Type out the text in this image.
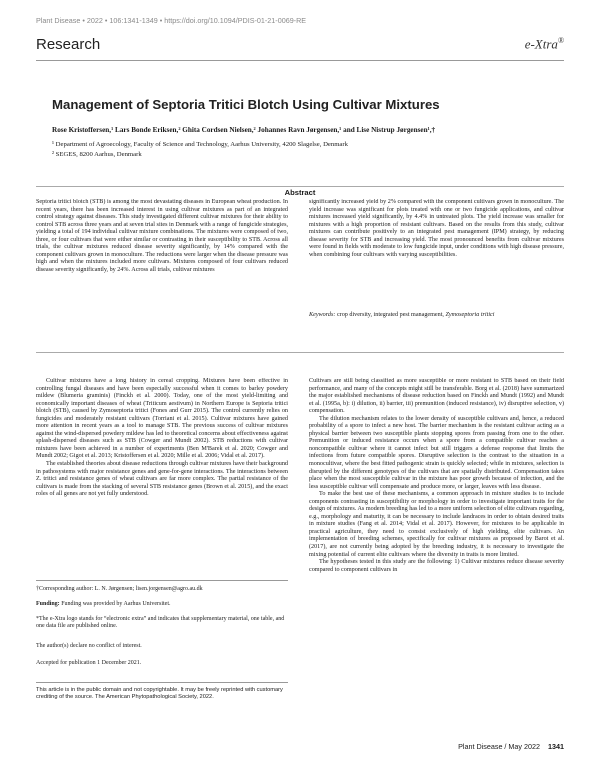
Plant Disease • 2022 • 106:1341-1349 • https://doi.org/10.1094/PDIS-01-21-0069-RE
Research	e-Xtra®
Management of Septoria Tritici Blotch Using Cultivar Mixtures
Rose Kristoffersen,¹ Lars Bonde Eriksen,² Ghita Cordsen Nielsen,² Johannes Ravn Jørgensen,¹ and Lise Nistrup Jørgensen¹,†
¹ Department of Agroecology, Faculty of Science and Technology, Aarhus University, 4200 Slagelse, Denmark
² SEGES, 8200 Aarhus, Denmark
Abstract
Septoria tritici blotch (STB) is among the most devastating diseases in European wheat production. In recent years, there has been increased interest in using cultivar mixtures as part of an integrated control strategy against diseases. This study investigated different cultivar mixtures for their ability to control STB across three years and at seven trial sites in Denmark with a range of fungicide strategies, yielding a total of 194 individual cultivar mixture combinations. The mixtures were composed of two, three, or four cultivars that were either similar or contrasting in their susceptibility to STB. Across all trials, the cultivar mixtures reduced disease severity significantly, by 14% compared with the component cultivars grown in monoculture. The reductions were larger when the disease pressure was high and when the mixtures included more cultivars. Mixtures composed of four cultivars reduced disease severity significantly, by 24%. Across all trials, cultivar mixtures
significantly increased yield by 2% compared with the component cultivars grown in monoculture. The yield increase was significant for plots treated with one or two fungicide applications, and cultivar mixtures increased yield significantly, by 4.4% in untreated plots. The yield increase was smaller for mixtures with a high proportion of resistant cultivars. Based on the results from this study, cultivar mixtures can contribute positively to an integrated pest management (IPM) strategy, by reducing disease severity for STB and increasing yield. The most pronounced benefits from cultivar mixtures were found in fields with moderate to low fungicide input, under conditions with high disease pressure, when combining four cultivars with varying susceptibilities.
Keywords: crop diversity, integrated pest management, Zymoseptoria tritici

Cultivar mixtures have a long history in cereal cropping. Mixtures have been effective in controlling fungal diseases and have been especially successful when it comes to barley powdery mildew (Blumeria graminis) (Finckh et al. 2000). Today, one of the most yield-limiting and economically important diseases of wheat (Triticum aestivum) in Northern Europe is Septoria tritici blotch (STB), caused by Zymoseptoria tritici (Fones and Gurr 2015). The control currently relies on fungicides and moderately resistant cultivars (Torriani et al. 2015). Cultivar mixtures have gained more attention in recent years as a tool to manage STB. The previous success of cultivar mixtures against the wind-dispersed powdery mildew has led to theoretical concerns about effectiveness against splash-dispersed diseases such as STB (Cowger and Mundt 2002). STB reductions with cultivar mixtures have been achieved in a number of experiments (Ben M'Barek et al. 2020; Cowger and Mundt 2002; Gigot et al. 2013; Kristoffersen et al. 2020; Mille et al. 2006; Vidal et al. 2017).

The established theories about disease reductions through cultivar mixtures have their background in pathosystems with major resistance genes and gene-for-gene interactions. The interactions between Z. tritici and resistance genes of wheat cultivars are far more complex. The partial resistance of the cultivars is made from the stacking of several STB resistance genes (Brown et al. 2015), and the exact roles of all genes are not yet fully understood.

Cultivars are still being classified as more susceptible or more resistant to STB based on their field performance, and many of the concepts might still be transferable. Borg et al. (2018) have summarized the major established mechanisms of disease reduction based on Finckh and Mundt (1992) and Mundt et al. (1995a, b): i) dilution, ii) barrier, iii) premunition (induced resistance), iv) disruptive selection, v) compensation.

The dilution mechanism relates to the lower density of susceptible cultivars and, hence, a reduced probability of a spore to infect a new host. The barrier mechanism is the resistant cultivar acting as a physical barrier between two susceptible plants stopping spores from passing from one to the other. Premunition or induced resistance occurs when a spore from a compatible cultivar reaches a noncompatible cultivar where it cannot infect but still triggers a defense response that limits the infections from future compatible spores. Disruptive selection is the contrast to the situation in a monocultivar, where the best fitted pathogenic strain is quickly selected; while in mixtures, selection is disrupted by the different genotypes of the cultivars that are spatially distributed. Compensation takes place when the most susceptible cultivar in the mixture has poor growth because of infection, and the less susceptible cultivar will compensate and produce more, or larger, leaves with less disease.

To make the best use of these mechanisms, a common approach in mixture studies is to include components contrasting in susceptibility or morphology in order to investigate important traits for the design of mixtures. As modern breeding has led to a more uniform selection of elite cultivars regarding, e.g., morphology and maturity, it can be necessary to include landraces in order to obtain desired traits in mixture studies (Fang et al. 2014; Vidal et al. 2017). However, for mixtures to be applicable in practical agriculture, they need to consist exclusively of high yielding, elite cultivars. An implementation of breeding schemes, specifically for cultivar mixtures as proposed by Barot et al. (2017), are not currently being adopted by the breeding industry, it is necessary to investigate the mixing potential of current elite cultivars where the diversity in traits is more limited.

The hypotheses tested in this study are the following: 1) Cultivar mixtures reduce disease severity compared to component cultivars in

†Corresponding author: L. N. Jørgensen; lisen.jorgensen@agro.au.dk
Funding: Funding was provided by Aarhus Universitet.
*The e-Xtra logo stands for “electronic extra” and indicates that supplementary material, one table, and one data file are published online.
The author(s) declare no conflict of interest.
Accepted for publication 1 December 2021.
This article is in the public domain and not copyrightable. It may be freely reprinted with customary crediting of the source. The American Phytopathological Society, 2022.
Plant Disease / May 2022 1341
